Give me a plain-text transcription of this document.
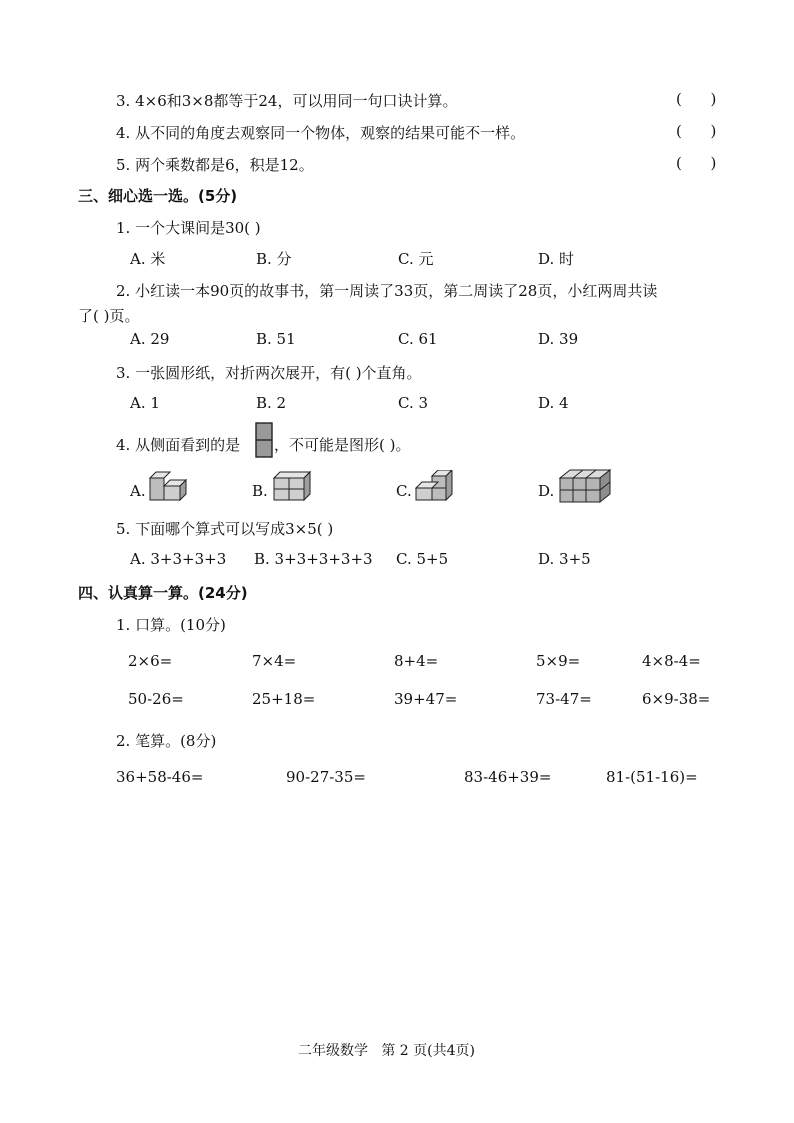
3. 4×6和3×8都等于24，可以用同一句口诀计算。	(      )
4. 从不同的角度去观察同一个物体，观察的结果可能不一样。	(      )
5. 两个乘数都是6，积是12。	(      )
三、细心选一选。(5分)
1. 一个大课间是30( )
A. 米	B. 分	C. 元	D. 时
2. 小红读一本90页的故事书，第一周读了33页，第二周读了28页，小红两周共读
了( )页。
A. 29	B. 51	C. 61	D. 39
3. 一张圆形纸，对折两次展开，有( )个直角。
A. 1	B. 2	C. 3	D. 4
4. 从侧面看到的是 ，不可能是图形( )。
A.	B.	C.	D.
5. 下面哪个算式可以写成3×5( )
A. 3+3+3+3 B. 3+3+3+3+3 C. 5+5	D. 3+5
四、认真算一算。(24分)
1. 口算。(10分)
2×6=	7×4=	8+4=	5×9=	4×8-4=
50-26=	25+18=	39+47=	73-47=	6×9-38=
2. 笔算。(8分)
36+58-46=	90-27-35=	83-46+39=	81-(51-16)=
二年级数学   第 2 页(共4页)
